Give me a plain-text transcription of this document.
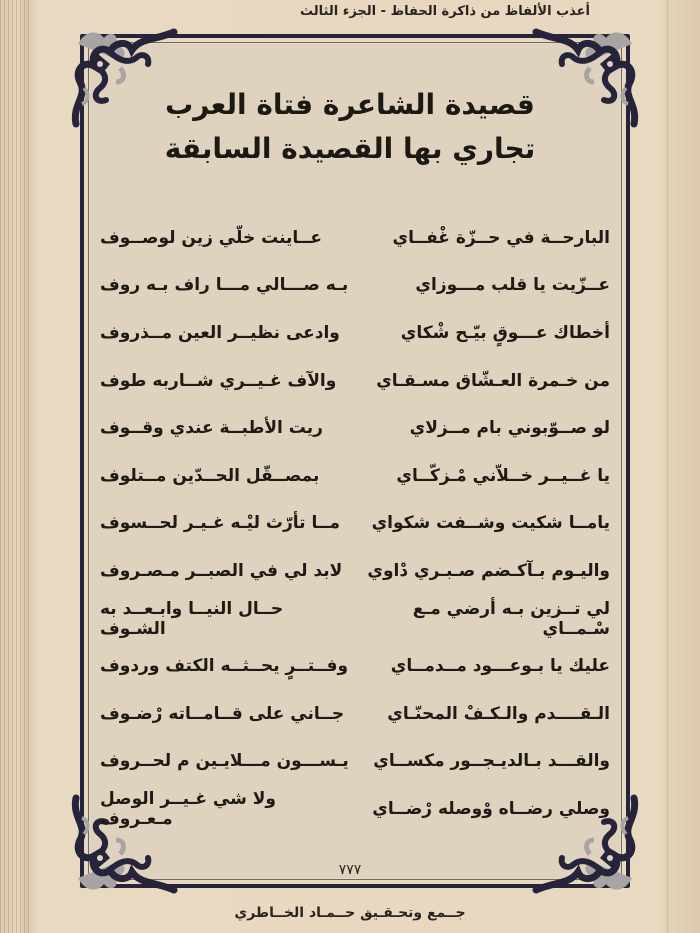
أعذب الألفاظ من ذاكرة الحفاظ - الجزء الثالث
قصيدة الشاعرة فتاة العرب
تجاري بها القصيدة السابقة
البارحــة في حــزّة غْفــاي
عــاينت خلّي زين لوصــوف
عــزّيت يا قلب مـــوزاي
بـه صـــالي مـــا راف بـه روف
أخطاك عـــوقٍ بيّـح شْكاي
وادعى نظيــر العين مــذروف
من خـمرة العـشّاق مسـقـاي
والآف غـيــري شــاربه طوف
لو صــوّبوني بام مــزلاي
ريت الأطبــة عندي وقــوف
يا غــيــر خــلاّني مْـزكّــاي
بمصــقّل الحــدّين مــتلوف
يامــا شكيت وشــفت شكواي
مــا تأرّث ليْـه غـيـر لحــسوف
واليـوم بـآكـضم صـبـري دْاوي
لابد لي في الصبــر مـصـروف
لي تــزين بـه أرضي مـع سْـمــاي
حــال النيــا وابـعــد به الشـوف
عليك يا بـوعـــود مــدمــاي
وفــتــرٍ يحــثــه الكتف وردوف
الـقــــدم والـكـفْ المحنّـاي
جــاني على قــامــاته رْضـوف
والقـــد بـالديـجــور مكســاي
يـســـون مـــلايـين م لحــروف
وصلي رضــاه وْوصله رْضــاي
ولا شي غـيــر الوصل مـعـروف
٧٧٧
جــمع وتحـقـيق حــمـاد الخــاطري
